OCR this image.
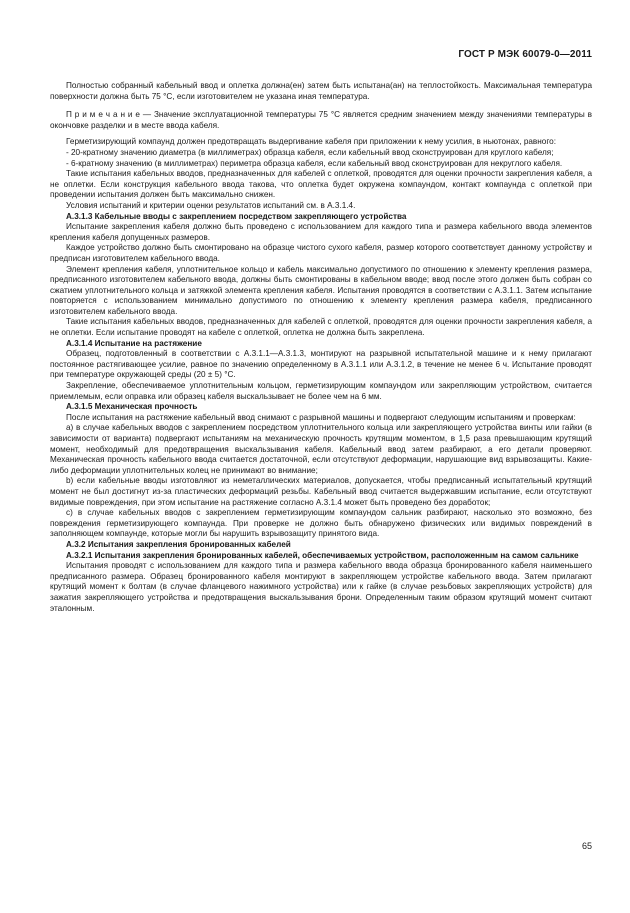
ГОСТ Р МЭК 60079-0—2011

Полностью собранный кабельный ввод и оплетка должна(ен) затем быть испытана(ан) на теплостойкость. Максимальная температура поверхности должна быть 75 °С, если изготовителем не указана иная температура.

П р и м е ч а н и е — Значение эксплуатационной температуры 75 °С является средним значением между значениями температуры в окончовке разделки и в месте ввода кабеля.

Герметизирующий компаунд должен предотвращать выдергивание кабеля при приложении к нему усилия, в ньютонах, равного:

- 20-кратному значению диаметра (в миллиметрах) образца кабеля, если кабельный ввод сконструирован для круглого кабеля;

- 6-кратному значению (в миллиметрах) периметра образца кабеля, если кабельный ввод сконструирован для некруглого кабеля.

Такие испытания кабельных вводов, предназначенных для кабелей с оплеткой, проводятся для оценки прочности закрепления кабеля, а не оплетки. Если конструкция кабельного ввода такова, что оплетка будет окружена компаундом, контакт компаунда с оплеткой при проведении испытания должен быть максимально снижен.

Условия испытаний и критерии оценки результатов испытаний см. в А.3.1.4.

А.3.1.3 Кабельные вводы с закреплением посредством закрепляющего устройства

Испытание закрепления кабеля должно быть проведено с использованием для каждого типа и размера кабельного ввода элементов крепления кабеля допущенных размеров.

Каждое устройство должно быть смонтировано на образце чистого сухого кабеля, размер которого соответствует данному устройству и предписан изготовителем кабельного ввода.

Элемент крепления кабеля, уплотнительное кольцо и кабель максимально допустимого по отношению к элементу крепления размера, предписанного изготовителем кабельного ввода, должны быть смонтированы в кабельном вводе; ввод после этого должен быть собран со сжатием уплотнительного кольца и затяжкой элемента крепления кабеля. Испытания проводятся в соответствии с А.3.1.1. Затем испытание повторяется с использованием минимально допустимого по отношению к элементу крепления размера кабеля, предписанного изготовителем кабельного ввода.

Такие испытания кабельных вводов, предназначенных для кабелей с оплеткой, проводятся для оценки прочности закрепления кабеля, а не оплетки. Если испытание проводят на кабеле с оплеткой, оплетка не должна быть закреплена.

А.3.1.4 Испытание на растяжение

Образец, подготовленный в соответствии с А.3.1.1—А.3.1.3, монтируют на разрывной испытательной машине и к нему прилагают постоянное растягивающее усилие, равное по значению определенному в А.3.1.1 или А.3.1.2, в течение не менее 6 ч. Испытание проводят при температуре окружающей среды (20 ± 5) °С.

Закрепление, обеспечиваемое уплотнительным кольцом, герметизирующим компаундом или закрепляющим устройством, считается приемлемым, если оправка или образец кабеля выскальзывает не более чем на 6 мм.

А.3.1.5 Механическая прочность

После испытания на растяжение кабельный ввод снимают с разрывной машины и подвергают следующим испытаниям и проверкам:

а) в случае кабельных вводов с закреплением посредством уплотнительного кольца или закрепляющего устройства винты или гайки (в зависимости от варианта) подвергают испытаниям на механическую прочность крутящим моментом, в 1,5 раза превышающим крутящий момент, необходимый для предотвращения выскальзывания кабеля. Кабельный ввод затем разбирают, а его детали проверяют. Механическая прочность кабельного ввода считается достаточной, если отсутствуют деформации, нарушающие вид взрывозащиты. Какие-либо деформации уплотнительных колец не принимают во внимание;

b) если кабельные вводы изготовляют из неметаллических материалов, допускается, чтобы предписанный испытательный крутящий момент не был достигнут из-за пластических деформаций резьбы. Кабельный ввод считается выдержавшим испытание, если отсутствуют видимые повреждения, при этом испытание на растяжение согласно А.3.1.4 может быть проведено без доработок;

с) в случае кабельных вводов с закреплением герметизирующим компаундом сальник разбирают, насколько это возможно, без повреждения герметизирующего компаунда. При проверке не должно быть обнаружено физических или видимых повреждений в заполняющем компаунде, которые могли бы нарушить взрывозащиту принятого вида.

А.3.2 Испытания закрепления бронированных кабелей

А.3.2.1 Испытания закрепления бронированных кабелей, обеспечиваемых устройством, расположенным на самом сальнике

Испытания проводят с использованием для каждого типа и размера кабельного ввода образца бронированного кабеля наименьшего предписанного размера. Образец бронированного кабеля монтируют в закрепляющем устройстве кабельного ввода. Затем прилагают крутящий момент к болтам (в случае фланцевого нажимного устройства) или к гайке (в случае резьбовых закрепляющих устройств) для зажатия закрепляющего устройства и предотвращения выскальзывания брони. Определенным таким образом крутящий момент считают эталонным.

65
